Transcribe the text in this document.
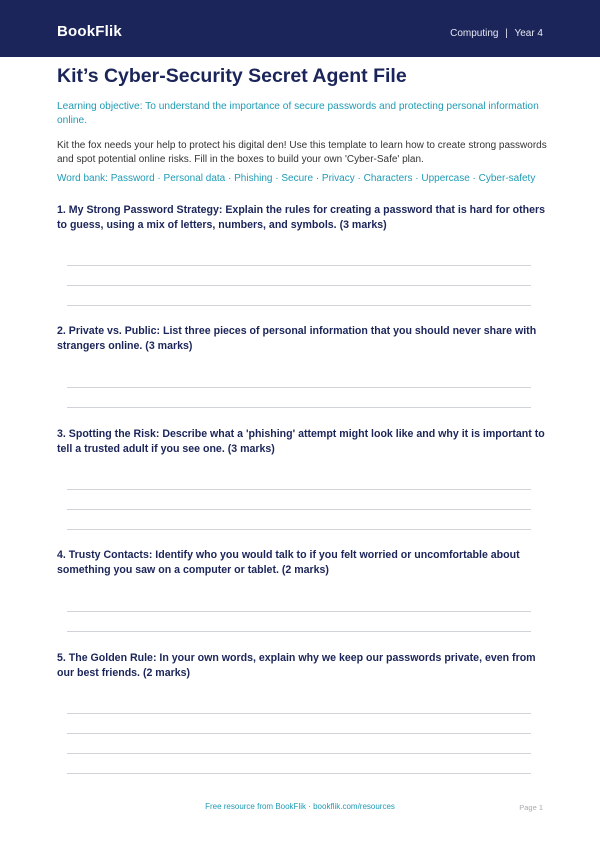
BookFlik	Computing | Year 4
Kit’s Cyber-Security Secret Agent File

Learning objective: To understand the importance of secure passwords and protecting personal information online.

Kit the fox needs your help to protect his digital den! Use this template to learn how to create strong passwords and spot potential online risks. Fill in the boxes to build your own 'Cyber-Safe' plan.

Word bank: Password · Personal data · Phishing · Secure · Privacy · Characters · Uppercase · Cyber-safety

1. My Strong Password Strategy: Explain the rules for creating a password that is hard for others to guess, using a mix of letters, numbers, and symbols. (3 marks)

2. Private vs. Public: List three pieces of personal information that you should never share with strangers online. (3 marks)

3. Spotting the Risk: Describe what a 'phishing' attempt might look like and why it is important to tell a trusted adult if you see one. (3 marks)

4. Trusty Contacts: Identify who you would talk to if you felt worried or uncomfortable about something you saw on a computer or tablet. (2 marks)

5. The Golden Rule: In your own words, explain why we keep our passwords private, even from our best friends. (2 marks)

Free resource from BookFlik · bookflik.com/resources	Page 1
